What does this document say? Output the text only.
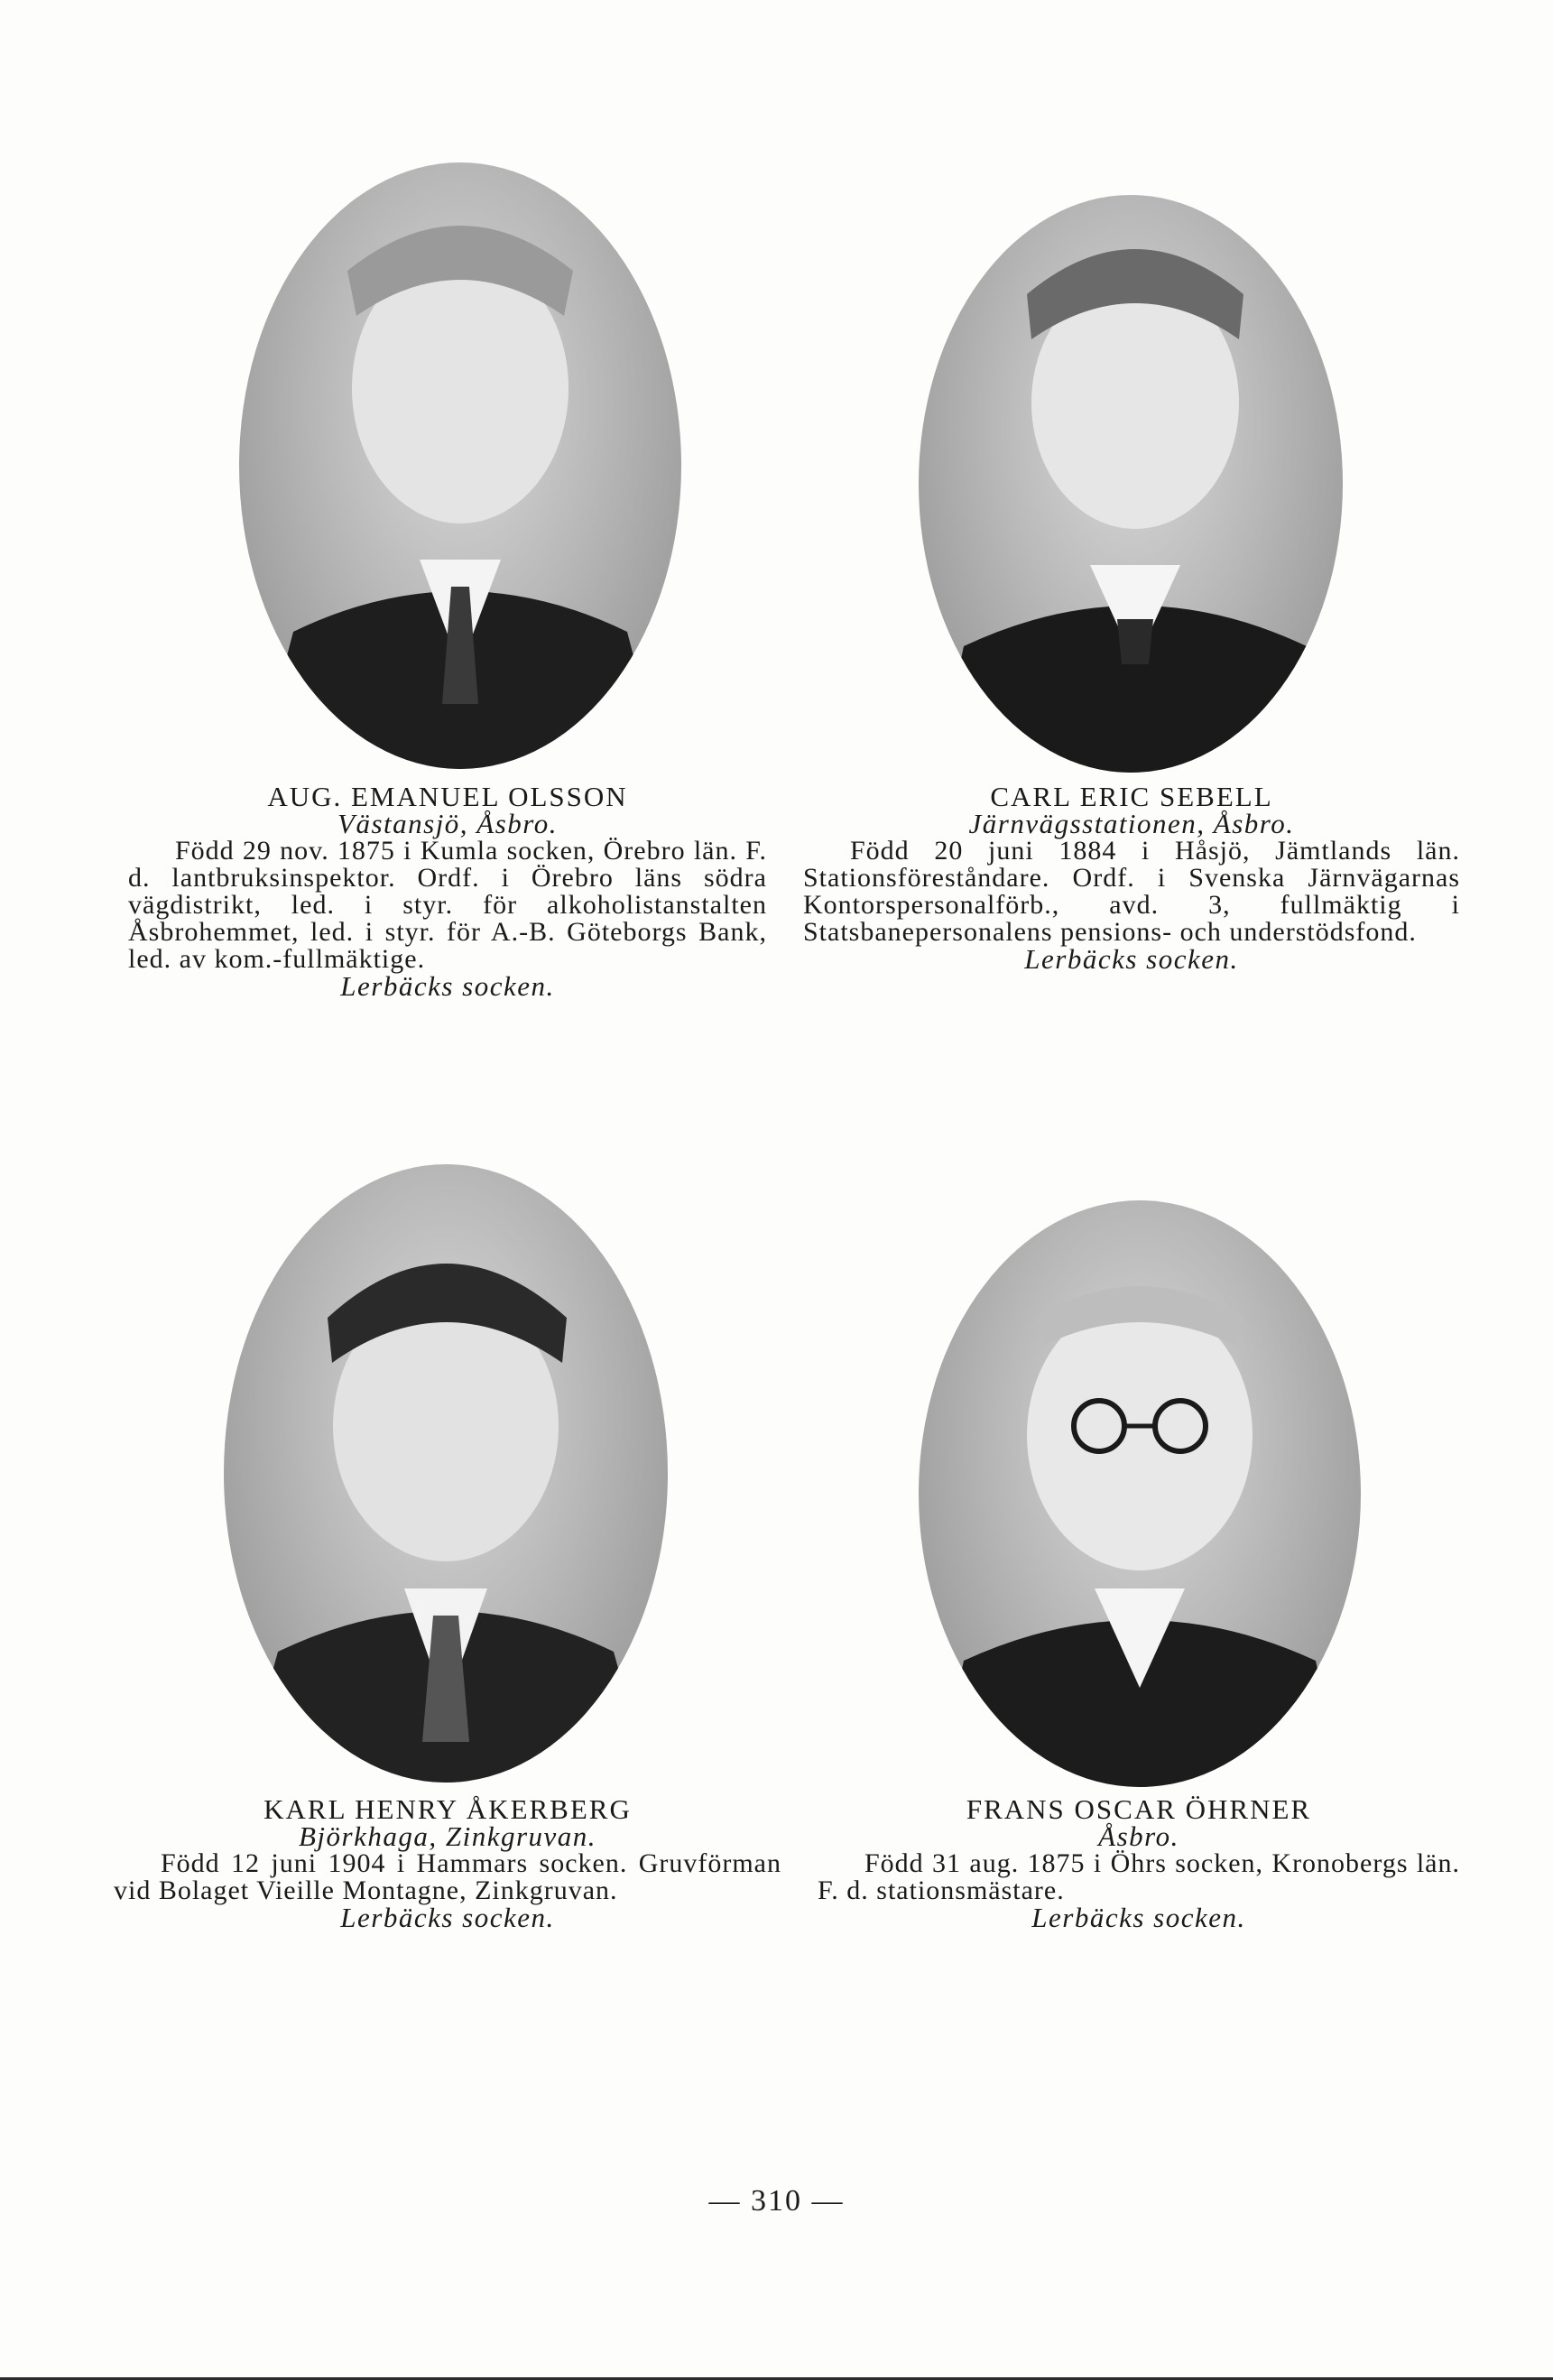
AUG. EMANUEL OLSSON

Västansjö, Åsbro.

Född 29 nov. 1875 i Kumla socken, Örebro län. F. d. lantbruksinspektor. Ordf. i Örebro läns södra vägdistrikt, led. i styr. för alkoholistanstalten Åsbrohemmet, led. i styr. för A.-B. Göteborgs Bank, led. av kom.-fullmäktige.

Lerbäcks socken.

CARL ERIC SEBELL

Järnvägsstationen, Åsbro.

Född 20 juni 1884 i Håsjö, Jämtlands län. Stationsföreståndare. Ordf. i Svenska Järnvägarnas Kontorspersonalförb., avd. 3, fullmäktig i Statsbanepersonalens pensions- och understödsfond.

Lerbäcks socken.

KARL HENRY ÅKERBERG

Björkhaga, Zinkgruvan.

Född 12 juni 1904 i Hammars socken. Gruvförman vid Bolaget Vieille Montagne, Zinkgruvan.

Lerbäcks socken.

FRANS OSCAR ÖHRNER

Åsbro.

Född 31 aug. 1875 i Öhrs socken, Kronobergs län. F. d. stationsmästare.

Lerbäcks socken.

— 310 —
